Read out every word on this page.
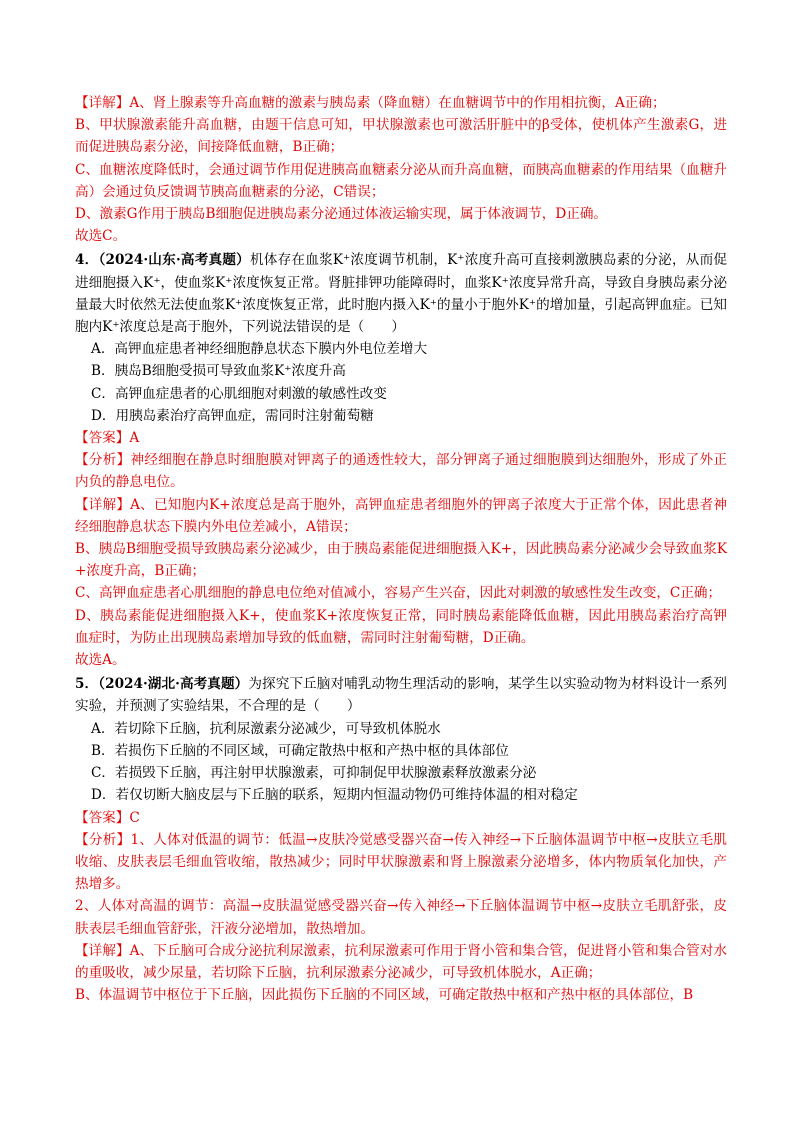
【详解】A、肾上腺素等升高血糖的激素与胰岛素（降血糖）在血糖调节中的作用相抗衡，A正确；

B、甲状腺激素能升高血糖，由题干信息可知，甲状腺激素也可激活肝脏中的β受体，使机体产生激素G，进而促进胰岛素分泌，间接降低血糖，B正确；

C、血糖浓度降低时，会通过调节作用促进胰高血糖素分泌从而升高血糖，而胰高血糖素的作用结果（血糖升高）会通过负反馈调节胰高血糖素的分泌，C错误；

D、激素G作用于胰岛B细胞促进胰岛素分泌通过体液运输实现，属于体液调节，D正确。

故选C。

4．（2024·山东·高考真题）机体存在血浆K⁺浓度调节机制，K⁺浓度升高可直接刺激胰岛素的分泌，从而促进细胞摄入K⁺，使血浆K⁺浓度恢复正常。肾脏排钾功能障碍时，血浆K⁺浓度异常升高，导致自身胰岛素分泌量最大时依然无法使血浆K⁺浓度恢复正常，此时胞内摄入K⁺的量小于胞外K⁺的增加量，引起高钾血症。已知胞内K⁺浓度总是高于胞外，下列说法错误的是（　　）

A．高钾血症患者神经细胞静息状态下膜内外电位差增大

B．胰岛B细胞受损可导致血浆K⁺浓度升高

C．高钾血症患者的心肌细胞对刺激的敏感性改变

D．用胰岛素治疗高钾血症，需同时注射葡萄糖

【答案】A

【分析】神经细胞在静息时细胞膜对钾离子的通透性较大，部分钾离子通过细胞膜到达细胞外，形成了外正内负的静息电位。

【详解】A、已知胞内K+浓度总是高于胞外，高钾血症患者细胞外的钾离子浓度大于正常个体，因此患者神经细胞静息状态下膜内外电位差减小，A错误；

B、胰岛B细胞受损导致胰岛素分泌减少，由于胰岛素能促进细胞摄入K+，因此胰岛素分泌减少会导致血浆K+浓度升高，B正确；

C、高钾血症患者心肌细胞的静息电位绝对值减小，容易产生兴奋，因此对刺激的敏感性发生改变，C正确；

D、胰岛素能促进细胞摄入K+，使血浆K+浓度恢复正常，同时胰岛素能降低血糖，因此用胰岛素治疗高钾血症时，为防止出现胰岛素增加导致的低血糖，需同时注射葡萄糖，D正确。

故选A。

5．（2024·湖北·高考真题）为探究下丘脑对哺乳动物生理活动的影响，某学生以实验动物为材料设计一系列实验，并预测了实验结果，不合理的是（　　）

A．若切除下丘脑，抗利尿激素分泌减少，可导致机体脱水

B．若损伤下丘脑的不同区域，可确定散热中枢和产热中枢的具体部位

C．若损毁下丘脑，再注射甲状腺激素，可抑制促甲状腺激素释放激素分泌

D．若仅切断大脑皮层与下丘脑的联系，短期内恒温动物仍可维持体温的相对稳定

【答案】C

【分析】1、人体对低温的调节：低温→皮肤冷觉感受器兴奋→传入神经→下丘脑体温调节中枢→皮肤立毛肌收缩、皮肤表层毛细血管收缩，散热减少；同时甲状腺激素和肾上腺激素分泌增多，体内物质氧化加快，产热增多。

2、人体对高温的调节：高温→皮肤温觉感受器兴奋→传入神经→下丘脑体温调节中枢→皮肤立毛肌舒张，皮肤表层毛细血管舒张，汗液分泌增加，散热增加。

【详解】A、下丘脑可合成分泌抗利尿激素，抗利尿激素可作用于肾小管和集合管，促进肾小管和集合管对水的重吸收，减少尿量，若切除下丘脑，抗利尿激素分泌减少，可导致机体脱水，A正确；

B、体温调节中枢位于下丘脑，因此损伤下丘脑的不同区域，可确定散热中枢和产热中枢的具体部位，B
